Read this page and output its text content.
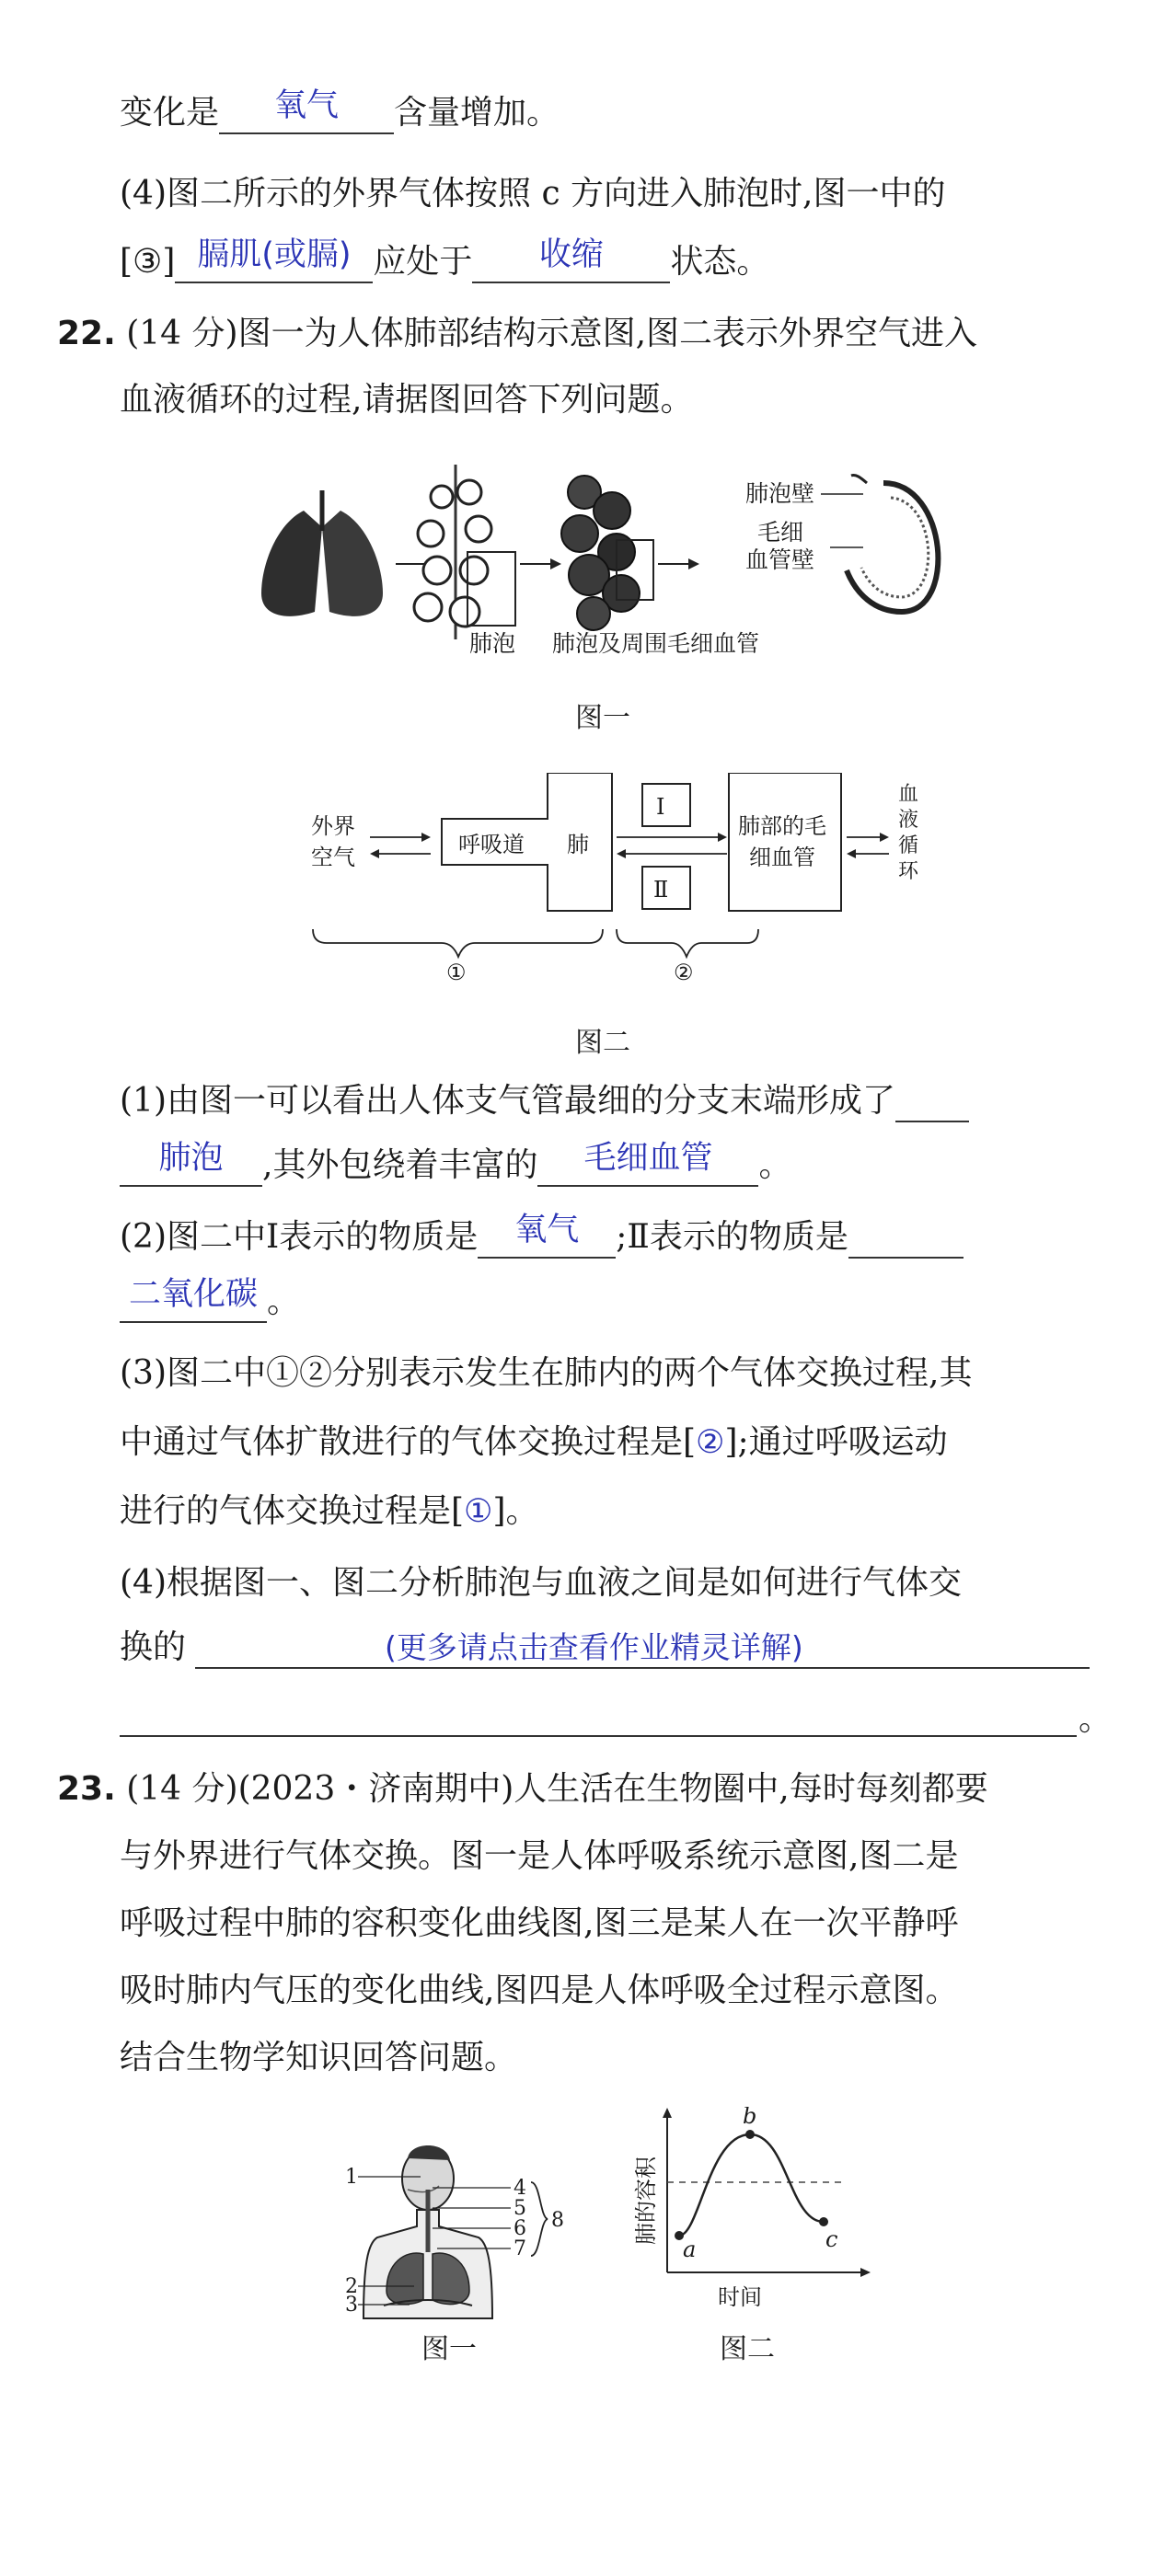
变化是	氧气	含量增加。
(4)图二所示的外界气体按照 c 方向进入肺泡时,图一中的
[③] 膈肌(或膈) 应处于	收缩	状态。
22. (14 分)图一为人体肺部结构示意图,图二表示外界空气进入
血液循环的过程,请据图回答下列问题。
肺泡壁
毛细
血管壁
肺泡 肺泡及周围毛细血管
图一
外界
空气	呼吸道 肺
Ⅰ
Ⅱ
肺部的毛
细血管
血
液
循
环
①	②
图二
(1)由图一可以看出人体支气管最细的分支末端形成了
肺泡	,其外包绕着丰富的	毛细血管	。
(2)图二中Ⅰ表示的物质是	氧气	;Ⅱ表示的物质是
二氧化碳 。
(3)图二中①②分别表示发生在肺内的两个气体交换过程,其
中通过气体扩散进行的气体交换过程是[②];通过呼吸运动
进行的气体交换过程是[①]。
(4)根据图一、图二分析肺泡与血液之间是如何进行气体交
换的	(更多请点击查看作业精灵详解)
。
23. (14 分)(2023・济南期中)人生活在生物圈中,每时每刻都要
与外界进行气体交换。图一是人体呼吸系统示意图,图二是
呼吸过程中肺的容积变化曲线图,图三是某人在一次平静呼
吸时肺内气压的变化曲线,图四是人体呼吸全过程示意图。
结合生物学知识回答问题。
1
2
3
4
5
6
7
8
图一
a
b
c
肺的容积
时间
图二
